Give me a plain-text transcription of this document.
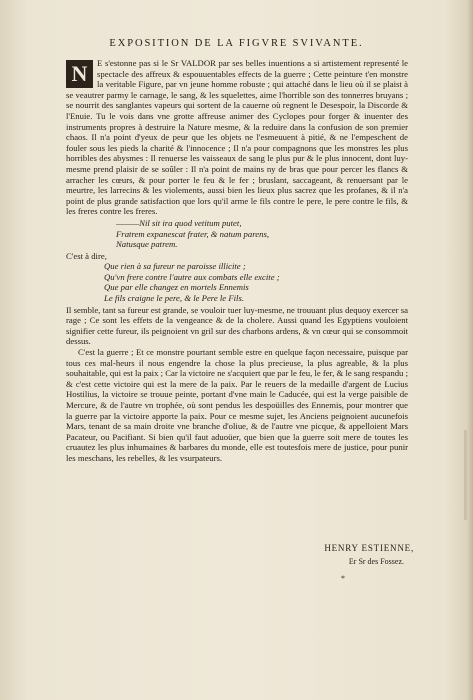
EXPOSITION DE LA FIGVRE SVIVANTE.

N	E s'estonne pas si le Sr VALDOR par ses belles inuentions a si artistement representé le spectacle des affreux & espouuentables effects de la guerre ; Cette peinture t'en monstre la veritable Figure, par vn jeune homme robuste ; qui attaché dans le lieu où il se plaist à se veautrer parmy le carnage, le sang, & les squelettes, aime l'horrible son des tonnerres bruyans ; se nourrit des sanglantes vapeurs qui sortent de la cauerne où regnent le Desespoir, la Discorde & l'Enuie. Tu le vois dans vne grotte affreuse animer des Cyclopes pour forger & inuenter des instruments propres à destruire la Nature mesme, & la reduire dans la confusion de son premier chaos. Il n'a point d'yeux de peur que les objets ne l'esmeuuent à pitié, & ne l'empeschent de fouler sous les pieds la charité & l'innocence ; Il n'a pour compagnons que les monstres les plus horribles des abysmes : Il renuerse les vaisseaux de sang le plus pur & le plus innocent, dont luy-mesme prend plaisir de se soûler : Il n'a point de mains ny de bras que pour percer les flancs & arracher les cœurs, & pour porter le feu & le fer ; bruslant, saccageant, & renuersant par le meurtre, les larrecins & les violements, aussi bien les lieux plus sacrez que les profanes, & il n'a point de plus grande satisfaction que lors qu'il arme le fils contre le pere, le pere contre le fils, & les freres contre les freres.

———Nil sit ira quod vetitum putet,
Fratrem expanescat frater, & natum parens,
Natusque patrem.

C'est à dire,

Que rien à sa fureur ne paroisse illicite ;
Qu'vn frere contre l'autre aux combats elle excite ;
Que par elle changez en mortels Ennemis
Le fils craigne le pere, & le Pere le Fils.

Il semble, tant sa fureur est grande, se vouloir tuer luy-mesme, ne trouuant plus dequoy exercer sa rage ; Ce sont les effets de la vengeance & de la cholere. Aussi quand les Egyptiens vouloient signifier cette fureur, ils peignoient vn gril sur des charbons ardens, & vn cœur qui se consommoit dessus.

C'est la guerre ; Et ce monstre pourtant semble estre en quelque façon necessaire, puisque par tous ces mal-heurs il nous engendre la chose la plus precieuse, la plus agreable, & la plus souhaitable, qui est la paix ; Car la victoire ne s'acquiert que par le feu, le fer, & le sang respandu ; & c'est cette victoire qui est la mere de la paix. Par le reuers de la medaille d'argent de Lucius Hostilius, la victoire se trouue peinte, portant d'vne main le Caducée, qui est la verge paisible de Mercure, & de l'autre vn trophée, où sont pendus les despoüilles des Ennemis, pour montrer que la guerre par la victoire apporte la paix. Pour ce mesme sujet, les Anciens peignoient aucunefois Mars, tenant de sa main droite vne branche d'oliue, & de l'autre vne picque, & appelloient Mars Pacateur, ou Pacifiant. Si bien qu'il faut aduoüer, que bien que la guerre soit mere de toutes les cruautez les plus inhumaines & barbares du monde, elle est toutesfois mere de justice, pour punir les meschans, les rebelles, & les vsurpateurs.

HENRY ESTIENNE,
Er Sr des Fossez.
*
